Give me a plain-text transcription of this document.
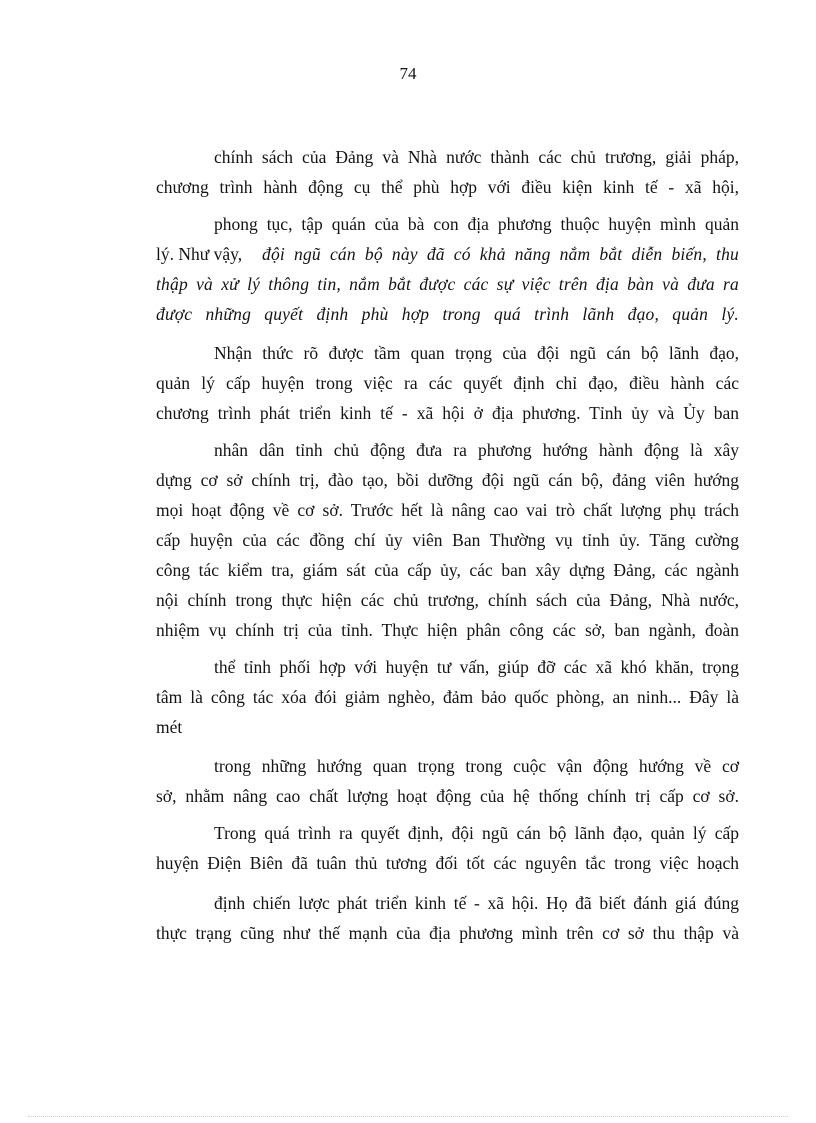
74
chính sách của Đảng và Nhà nước thành các chủ trương, giải pháp,
chương trình hành động cụ thể phù hợp với điều kiện kinh tế - xã hội,
phong tục, tập quán của bà con địa phương thuộc huyện mình quản
lý. Như vậy, đội ngũ cán bộ này đã có khả năng nắm bắt diễn biến, thu
thập và xử lý thông tin, nắm bắt được các sự việc trên địa bàn và đưa ra
được những quyết định phù hợp trong quá trình lãnh đạo, quản lý.
Nhận thức rõ được tầm quan trọng của đội ngũ cán bộ lãnh đạo,
quản lý cấp huyện trong việc ra các quyết định chỉ đạo, điều hành các
chương trình phát triển kinh tế - xã hội ở địa phương. Tỉnh ủy và Ủy ban
nhân dân tỉnh chủ động đưa ra phương hướng hành động là xây
dựng cơ sở chính trị, đào tạo, bồi dưỡng đội ngũ cán bộ, đảng viên hướng
mọi hoạt động về cơ sở. Trước hết là nâng cao vai trò chất lượng phụ trách
cấp huyện của các đồng chí ủy viên Ban Thường vụ tỉnh ủy. Tăng cường
công tác kiểm tra, giám sát của cấp ủy, các ban xây dựng Đảng, các ngành
nội chính trong thực hiện các chủ trương, chính sách của Đảng, Nhà nước,
nhiệm vụ chính trị của tỉnh. Thực hiện phân công các sở, ban ngành, đoàn
thể tỉnh phối hợp với huyện tư vấn, giúp đỡ các xã khó khăn, trọng
tâm là công tác xóa đói giảm nghèo, đảm bảo quốc phòng, an ninh... Đây là
mét
trong những hướng quan trọng trong cuộc vận động hướng về cơ
sở, nhằm nâng cao chất lượng hoạt động của hệ thống chính trị cấp cơ sở.
Trong quá trình ra quyết định, đội ngũ cán bộ lãnh đạo, quản lý cấp
huyện Điện Biên đã tuân thủ tương đối tốt các nguyên tắc trong việc hoạch
định chiến lược phát triển kinh tế - xã hội. Họ đã biết đánh giá đúng
thực trạng cũng như thế mạnh của địa phương mình trên cơ sở thu thập và
